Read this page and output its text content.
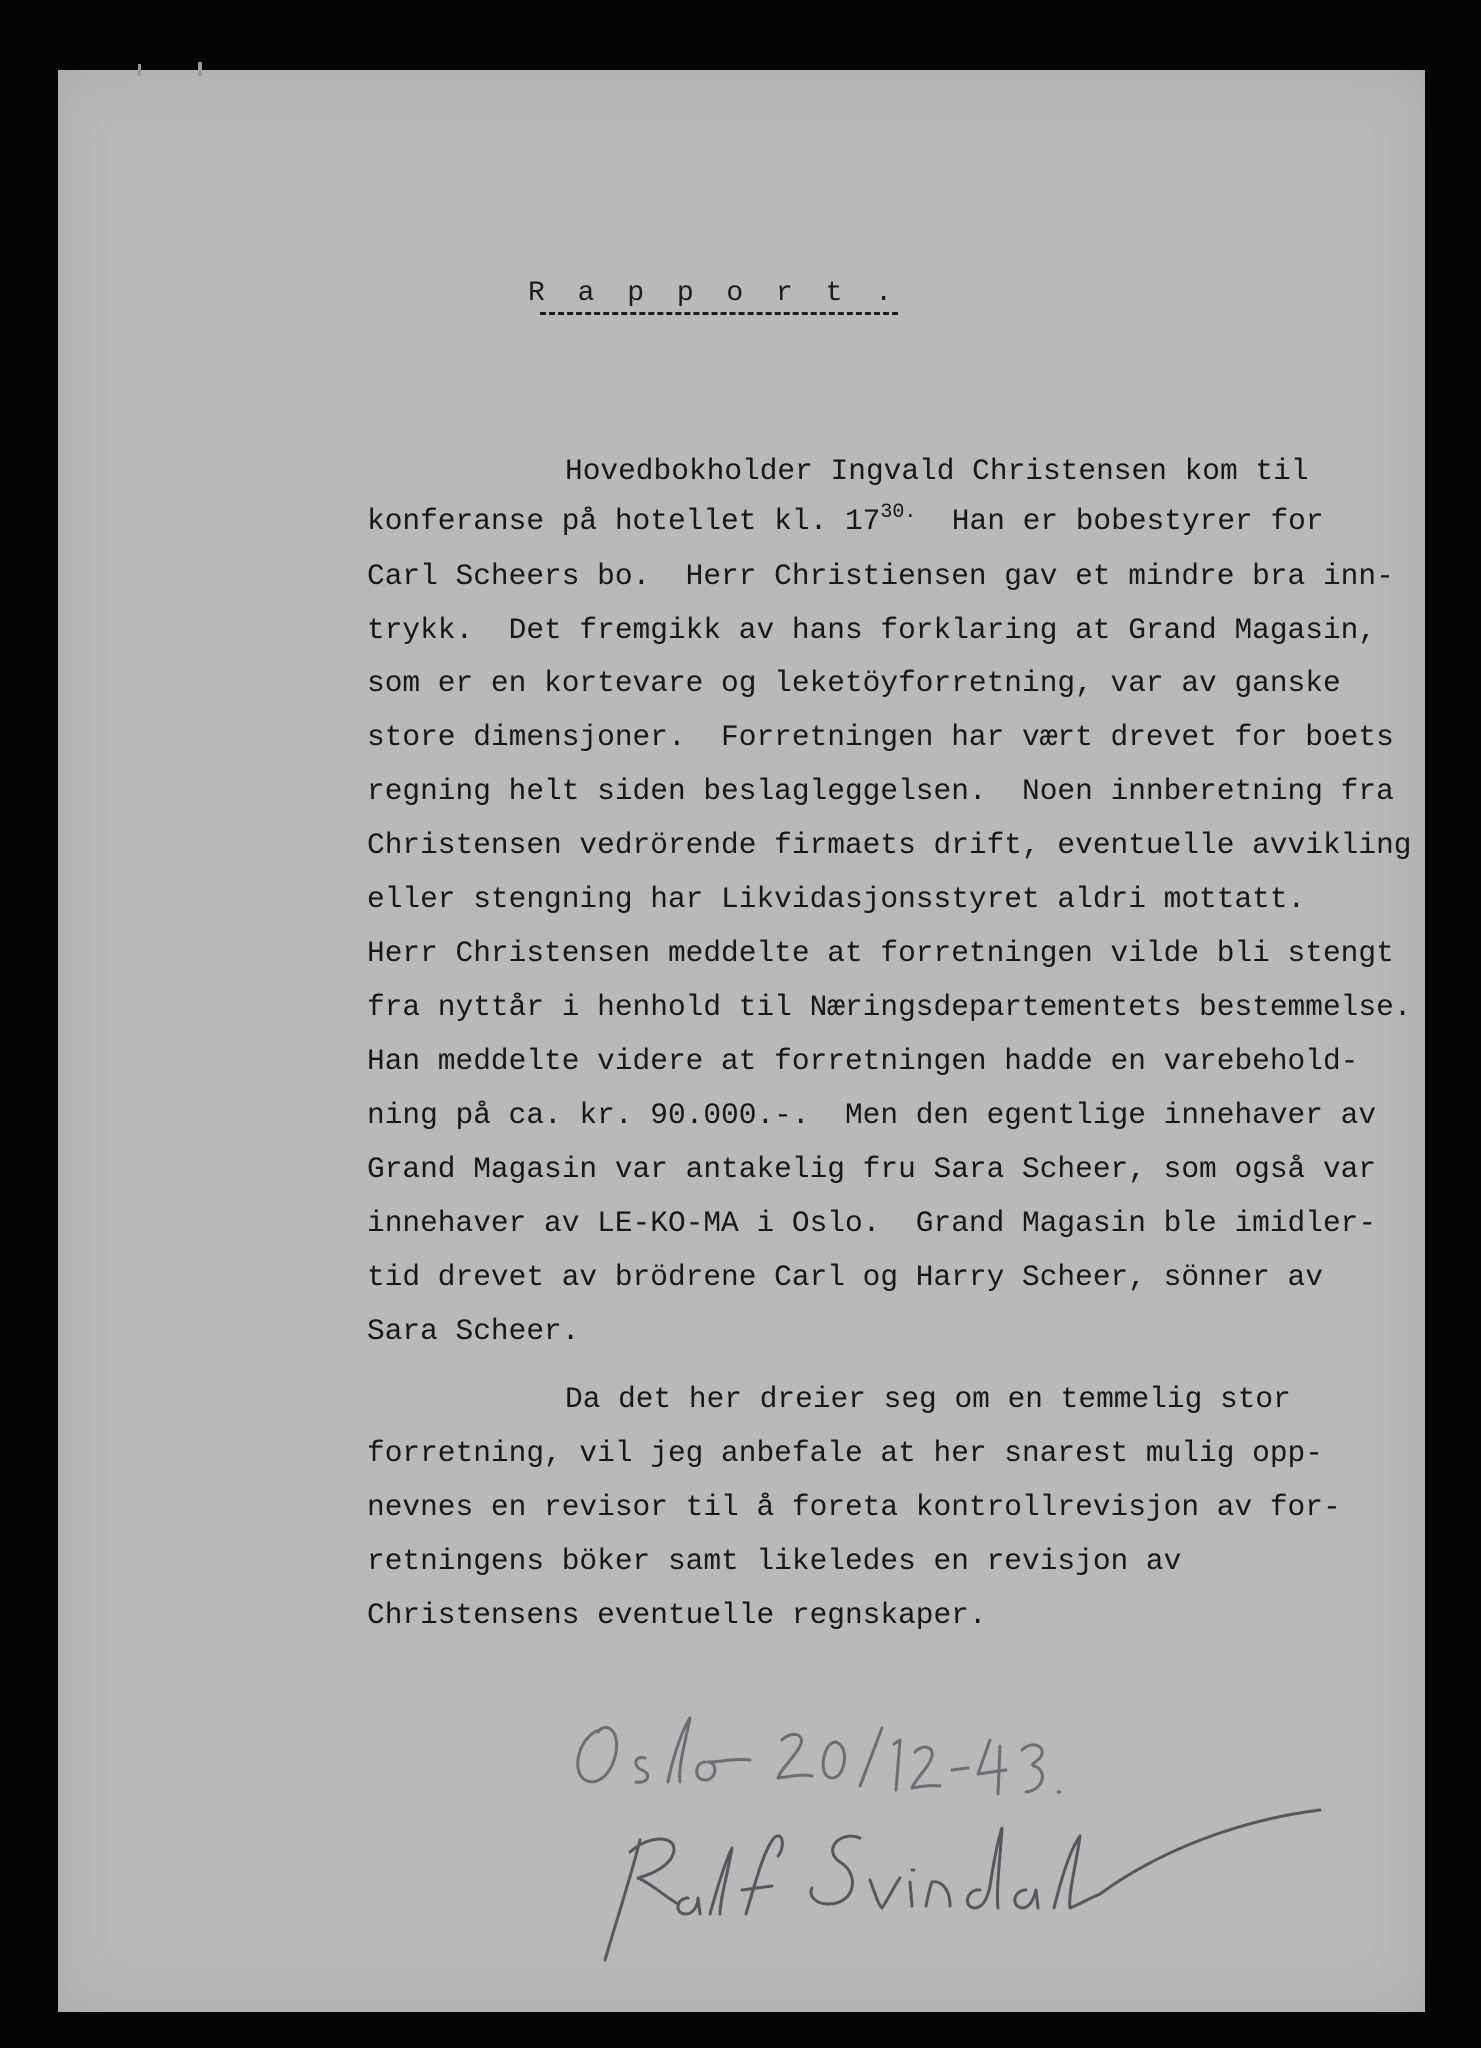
R a p p o r t .

Hovedbokholder Ingvald Christensen kom til

konferanse på hotellet kl. $17^{30.}$  Han er bobestyrer for

Carl Scheers bo.  Herr Christiensen gav et mindre bra inn-

trykk.  Det fremgikk av hans forklaring at Grand Magasin,

som er en kortevare og leketöyforretning, var av ganske

store dimensjoner.  Forretningen har vært drevet for boets

regning helt siden beslagleggelsen.  Noen innberetning fra

Christensen vedrörende firmaets drift, eventuelle avvikling

eller stengning har Likvidasjonsstyret aldri mottatt.

Herr Christensen meddelte at forretningen vilde bli stengt

fra nyttår i henhold til Næringsdepartementets bestemmelse.

Han meddelte videre at forretningen hadde en varebehold-

ning på ca. kr. 90.000.-.  Men den egentlige innehaver av

Grand Magasin var antakelig fru Sara Scheer, som også var

innehaver av LE-KO-MA i Oslo.  Grand Magasin ble imidler-

tid drevet av brödrene Carl og Harry Scheer, sönner av

Sara Scheer.

Da det her dreier seg om en temmelig stor

forretning, vil jeg anbefale at her snarest mulig opp-

nevnes en revisor til å foreta kontrollrevisjon av for-

retningens böker samt likeledes en revisjon av

Christensens eventuelle regnskaper.
